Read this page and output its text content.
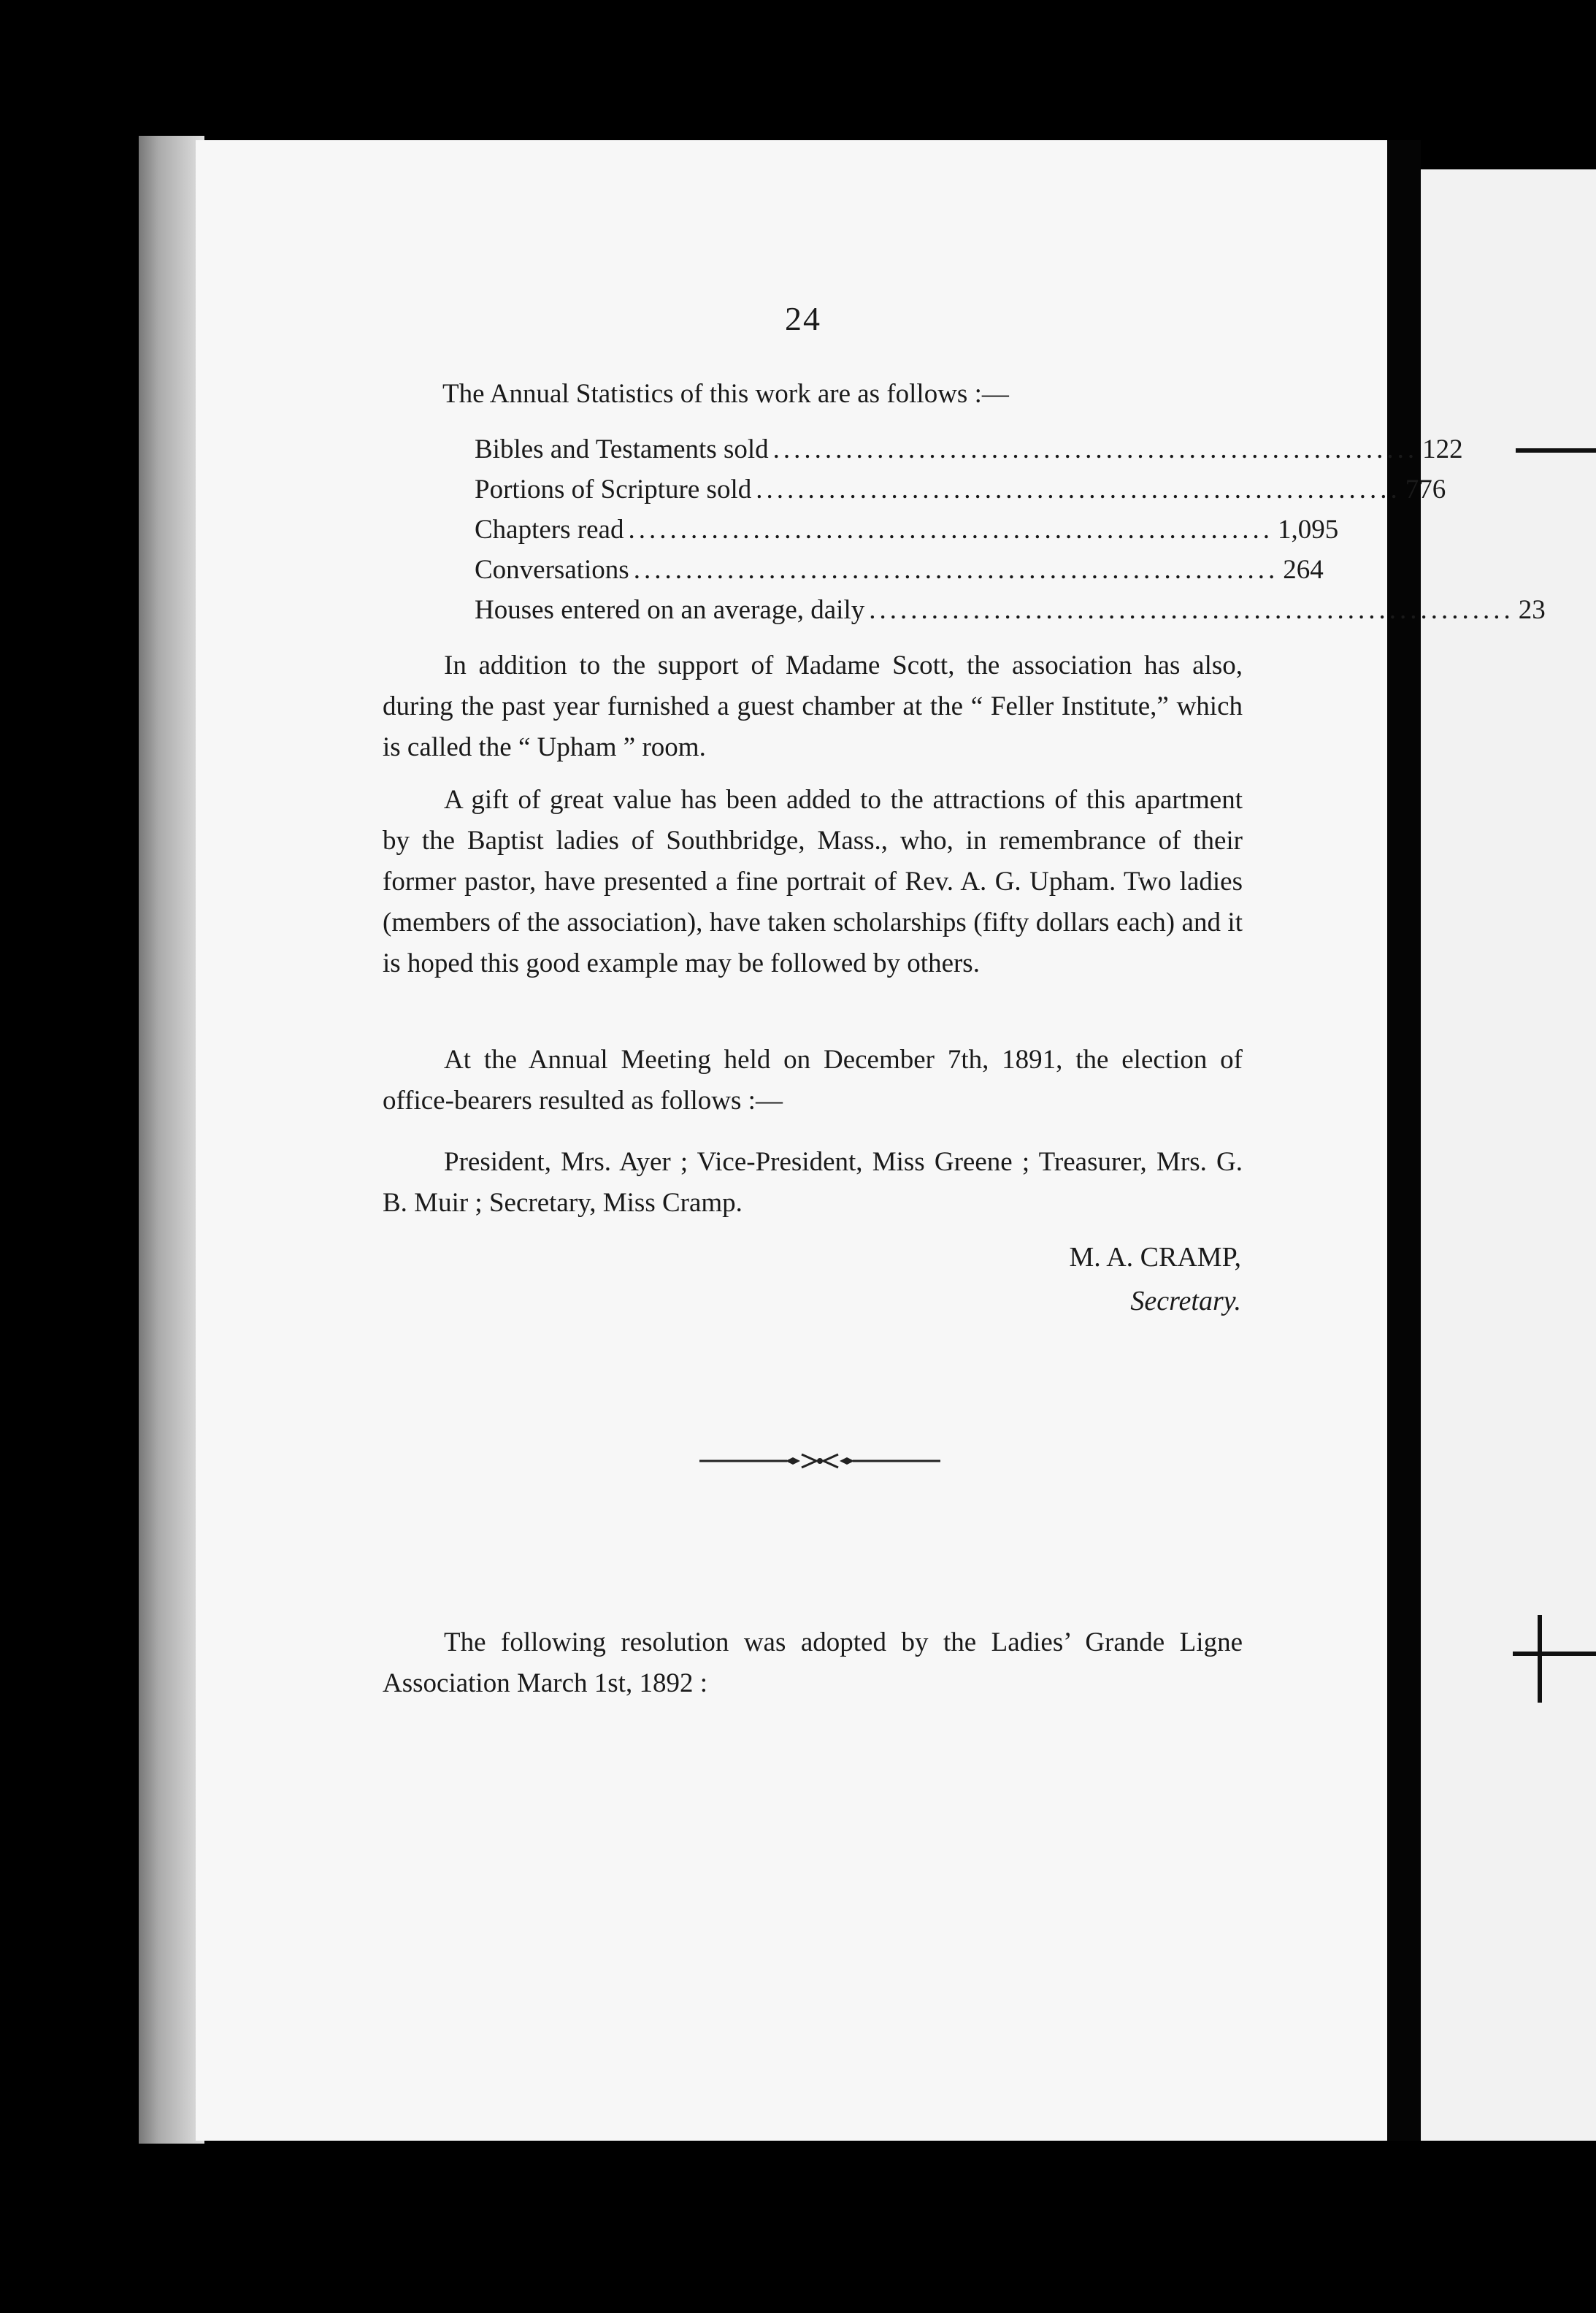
24
The Annual Statistics of this work are as follows :—
Bibles and Testaments sold .............................................................. 122
Portions of Scripture sold .............................................................. 776
Chapters read .............................................................. 1,095
Conversations .............................................................. 264
Houses entered on an average, daily .............................................................. 23
In addition to the support of Madame Scott, the association has also, during the past year furnished a guest chamber at the “ Feller Institute,” which is called the “ Upham ” room.
A gift of great value has been added to the attractions of this apartment by the Baptist ladies of Southbridge, Mass., who, in remembrance of their former pastor, have presented a fine portrait of Rev. A. G. Upham. Two ladies (members of the association), have taken scholarships (fifty dollars each) and it is hoped this good example may be followed by others.
At the Annual Meeting held on December 7th, 1891, the election of office-bearers resulted as follows :—
President, Mrs. Ayer ; Vice-President, Miss Greene ; Treasurer, Mrs. G. B. Muir ; Secretary, Miss Cramp.
M. A. CRAMP,
Secretary.
The following resolution was adopted by the Ladies’ Grande Ligne Association March 1st, 1892 :
